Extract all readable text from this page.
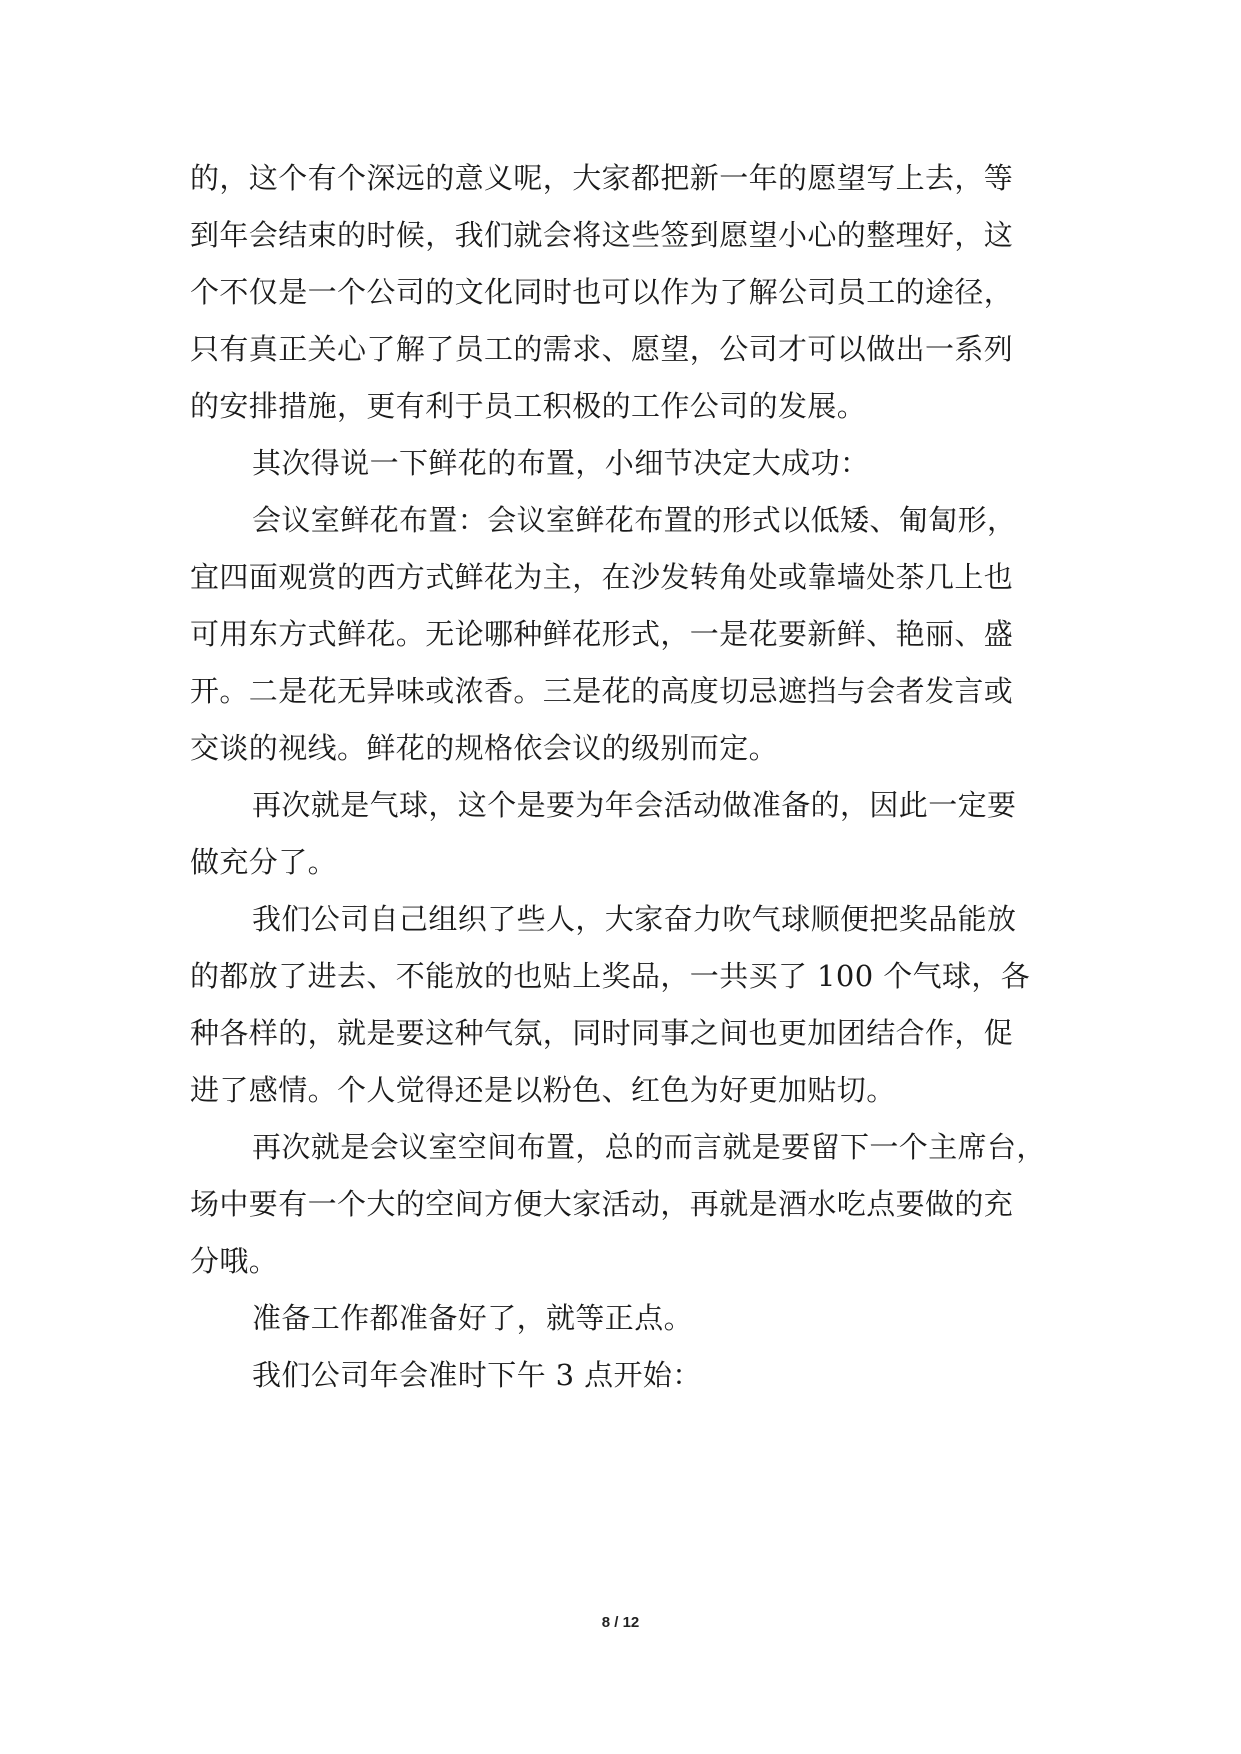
的，这个有个深远的意义呢，大家都把新一年的愿望写上去，等
到年会结束的时候，我们就会将这些签到愿望小心的整理好，这
个不仅是一个公司的文化同时也可以作为了解公司员工的途径，
只有真正关心了解了员工的需求、愿望，公司才可以做出一系列
的安排措施，更有利于员工积极的工作公司的发展。
其次得说一下鲜花的布置，小细节决定大成功：
会议室鲜花布置：会议室鲜花布置的形式以低矮、匍匐形，
宜四面观赏的西方式鲜花为主，在沙发转角处或靠墙处茶几上也
可用东方式鲜花。无论哪种鲜花形式，一是花要新鲜、艳丽、盛
开。二是花无异味或浓香。三是花的高度切忌遮挡与会者发言或
交谈的视线。鲜花的规格依会议的级别而定。
再次就是气球，这个是要为年会活动做准备的，因此一定要
做充分了。
我们公司自己组织了些人，大家奋力吹气球顺便把奖品能放
的都放了进去、不能放的也贴上奖品，一共买了 100 个气球，各
种各样的，就是要这种气氛，同时同事之间也更加团结合作，促
进了感情。个人觉得还是以粉色、红色为好更加贴切。
再次就是会议室空间布置，总的而言就是要留下一个主席台，
场中要有一个大的空间方便大家活动，再就是酒水吃点要做的充
分哦。
准备工作都准备好了，就等正点。
我们公司年会准时下午 3 点开始：
8 / 12
